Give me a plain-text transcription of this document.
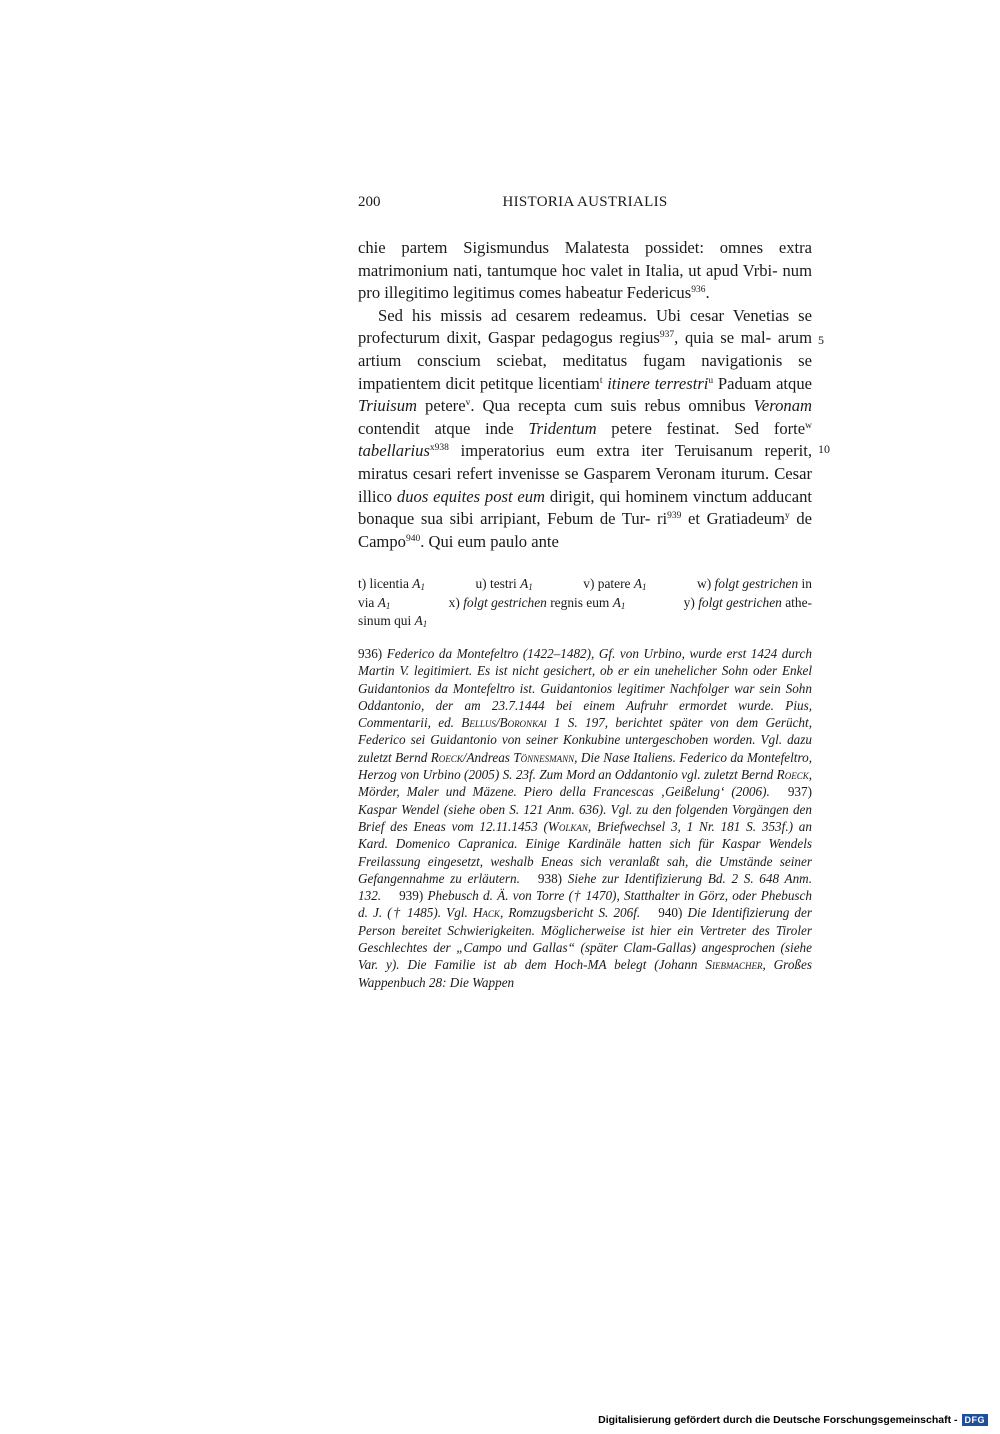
200	HISTORIA AUSTRIALIS

chie partem Sigismundus Malatesta possidet: omnes extra matrimonium nati, tantumque hoc valet in Italia, ut apud Vrbi- num pro illegitimo legitimus comes habeatur Federicus$^{936}$.

Sed his missis ad cesarem redeamus. Ubi cesar Venetias se profecturum dixit, Gaspar pedagogus regius$^{937}$, quia se mal- arum artium conscium sciebat, meditatus fugam navigationis se impatientem dicit petitque licentiam$^t$ itinere terrestri$^u$ Paduam atque Triuisum petere$^v$. Qua recepta cum suis rebus omnibus Veronam contendit atque inde Tridentum petere festinat. Sed forte$^w$ tabellarius$^{x938}$ imperatorius eum extra iter Teruisanum reperit, miratus cesari refert invenisse se Gasparem Veronam iturum. Cesar illico duos equites post eum dirigit, qui hominem vinctum adducant bonaque sua sibi arripiant, Febum de Tur- $ri^{939}$ et Gratiadeum$^y$ de Campo$^{940}$. Qui eum paulo ante

5
10
t) licentia $A_1$	u) testri $A_1$	v) patere $A_1$	w) folgt gestrichen in
via $A_1$	x) folgt gestrichen regnis eum $A_1$	y) folgt gestrichen athe-
sinum qui $A_1$
936) Federico da Montefeltro (1422–1482), Gf. von Urbino, wurde erst 1424 durch Martin V. legitimiert. Es ist nicht gesichert, ob er ein unehelicher Sohn oder Enkel Guidantonios da Montefeltro ist. Guidantonios legitimer Nachfolger war sein Sohn Oddantonio, der am 23.7.1444 bei einem Aufruhr ermordet wurde. Pius, Commentarii, ed. Bellus/Boronkai 1 S. 197, berichtet später von dem Gerücht, Federico sei Guidantonio von seiner Konkubine untergeschoben worden. Vgl. dazu zuletzt Bernd Roeck/Andreas Tönnesmann, Die Nase Italiens. Federico da Montefeltro, Herzog von Urbino (2005) S. 23f. Zum Mord an Oddantonio vgl. zuletzt Bernd Roeck, Mörder, Maler und Mäzene. Piero della Francescas ‚Geißelung‘ (2006). 937) Kaspar Wendel (siehe oben S. 121 Anm. 636). Vgl. zu den folgenden Vorgängen den Brief des Eneas vom 12.11.1453 (Wolkan, Briefwechsel 3, 1 Nr. 181 S. 353f.) an Kard. Domenico Capranica. Einige Kardinäle hatten sich für Kaspar Wendels Freilassung eingesetzt, weshalb Eneas sich veranlaßt sah, die Umstände seiner Gefangennahme zu erläutern. 938) Siehe zur Identifizierung Bd. 2 S. 648 Anm. 132. 939) Phebusch d. Ä. von Torre († 1470), Statthalter in Görz, oder Phebusch d. J. († 1485). Vgl. Hack, Romzugsbericht S. 206f. 940) Die Identifizierung der Person bereitet Schwierigkeiten. Möglicherweise ist hier ein Vertreter des Tiroler Geschlechtes der „Campo und Gallas“ (später Clam-Gallas) angesprochen (siehe Var. y). Die Familie ist ab dem Hoch-MA belegt (Johann Siebmacher, Großes Wappenbuch 28: Die Wappen
Digitalisierung gefördert durch die Deutsche Forschungsgemeinschaft - DFG
